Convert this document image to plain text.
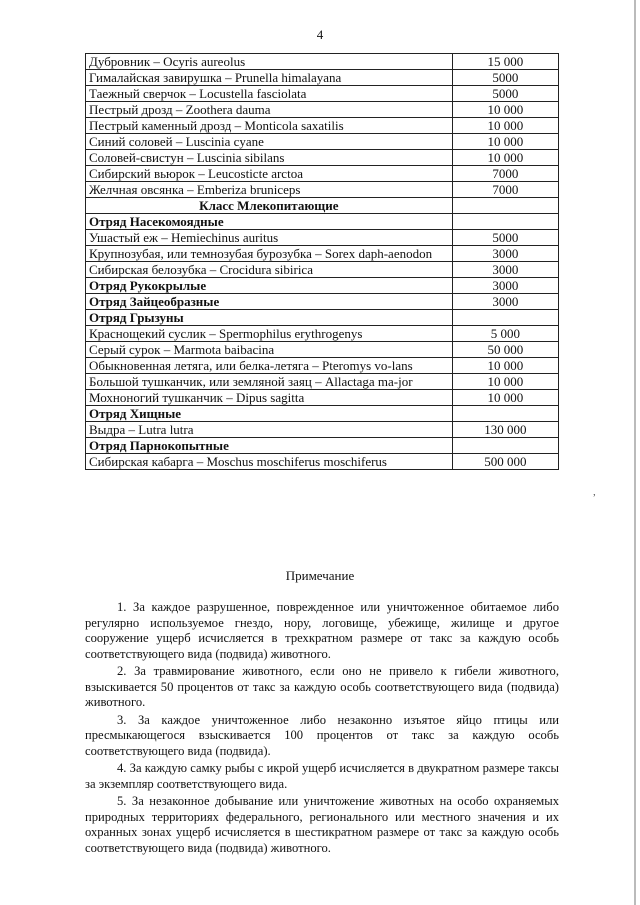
4
Дубровник – Ocyris aureolus	15 000
Гималайская завирушка – Prunella himalayana	5000
Таежный сверчок – Locustella fasciolata	5000
Пестрый дрозд – Zoothera dauma	10 000
Пестрый каменный дрозд – Monticola saxatilis	10 000
Синий соловей – Luscinia cyane	10 000
Соловей-свистун – Luscinia sibilans	10 000
Сибирский вьюрок – Leucosticte arctoa	7000
Желчная овсянка – Emberiza bruniceps	7000
Класс Млекопитающие	
Отряд Насекомоядные	
Ушастый еж – Hemiechinus auritus	5000
Крупнозубая, или темнозубая бурозубка – Sorex daph-aenodon	3000
Сибирская белозубка – Crocidura sibirica	3000
Отряд Рукокрылые	3000
Отряд Зайцеобразные	3000
Отряд Грызуны	
Краснощекий суслик – Spermophilus erythrogenys	5 000
Серый сурок – Marmota baibacina	50 000
Обыкновенная летяга, или белка-летяга – Pteromys vo-lans	10 000
Большой тушканчик, или земляной заяц – Allactaga ma-jor	10 000
Мохноногий тушканчик – Dipus sagitta	10 000
Отряд Хищные	
Выдра – Lutra lutra	130 000
Отряд Парнокопытные	
Сибирская кабарга – Moschus moschiferus moschiferus	500 000
,
Примечание

1. За каждое разрушенное, поврежденное или уничтоженное обитаемое либо регулярно используемое гнездо, нору, логовище, убежище, жилище и другое сооружение ущерб исчисляется в трехкратном размере от такс за каждую особь соответствующего вида (подвида) животного.

2. За травмирование животного, если оно не привело к гибели животного, взыскивается 50 процентов от такс за каждую особь соответствующего вида (подвида) животного.

3. За каждое уничтоженное либо незаконно изъятое яйцо птицы или пресмыкающегося взыскивается 100 процентов от такс за каждую особь соответствующего вида (подвида).

4. За каждую самку рыбы с икрой ущерб исчисляется в двукратном размере таксы за экземпляр соответствующего вида.

5. За незаконное добывание или уничтожение животных на особо охраняемых природных территориях федерального, регионального или местного значения и их охранных зонах ущерб исчисляется в шестикратном размере от такс за каждую особь соответствующего вида (подвида) животного.
